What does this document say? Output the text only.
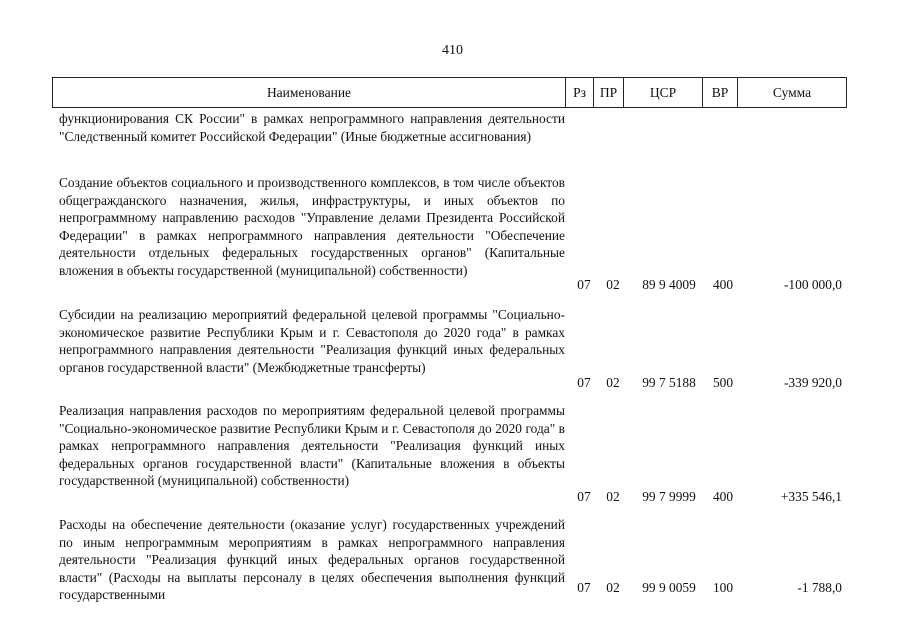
410
Наименование	Рз	ПР	ЦСР	ВР	Сумма
функционирования СК России" в рамках непрограммного направления деятельности "Следственный комитет Российской Федерации" (Иные бюджетные ассигнования)
Создание объектов социального и производственного комплексов, в том числе объектов общегражданского назначения, жилья, инфраструктуры, и иных объектов по непрограммному направлению расходов "Управление делами Президента Российской Федерации" в рамках непрограммного направления деятельности "Обеспечение деятельности отдельных федеральных государственных органов" (Капитальные вложения в объекты государственной (муниципальной) собственности)
07	02	89 9 4009	400	-100 000,0
Субсидии на реализацию мероприятий федеральной целевой программы "Социально-экономическое развитие Республики Крым и г. Севастополя до 2020 года" в рамках непрограммного направления деятельности "Реализация функций иных федеральных органов государственной власти" (Межбюджетные трансферты)
07	02	99 7 5188	500	-339 920,0
Реализация направления расходов по мероприятиям федеральной целевой программы "Социально-экономическое развитие Республики Крым и г. Севастополя до 2020 года" в рамках непрограммного направления деятельности "Реализация функций иных федеральных органов государственной власти" (Капитальные вложения в объекты государственной (муниципальной) собственности)
07	02	99 7 9999	400	+335 546,1
Расходы на обеспечение деятельности (оказание услуг) государственных учреждений по иным непрограммным мероприятиям в рамках непрограммного направления деятельности "Реализация функций иных федеральных органов государственной власти" (Расходы на выплаты персоналу в целях обеспечения выполнения функций государственными	07	02	99 9 0059	100	-1 788,0
